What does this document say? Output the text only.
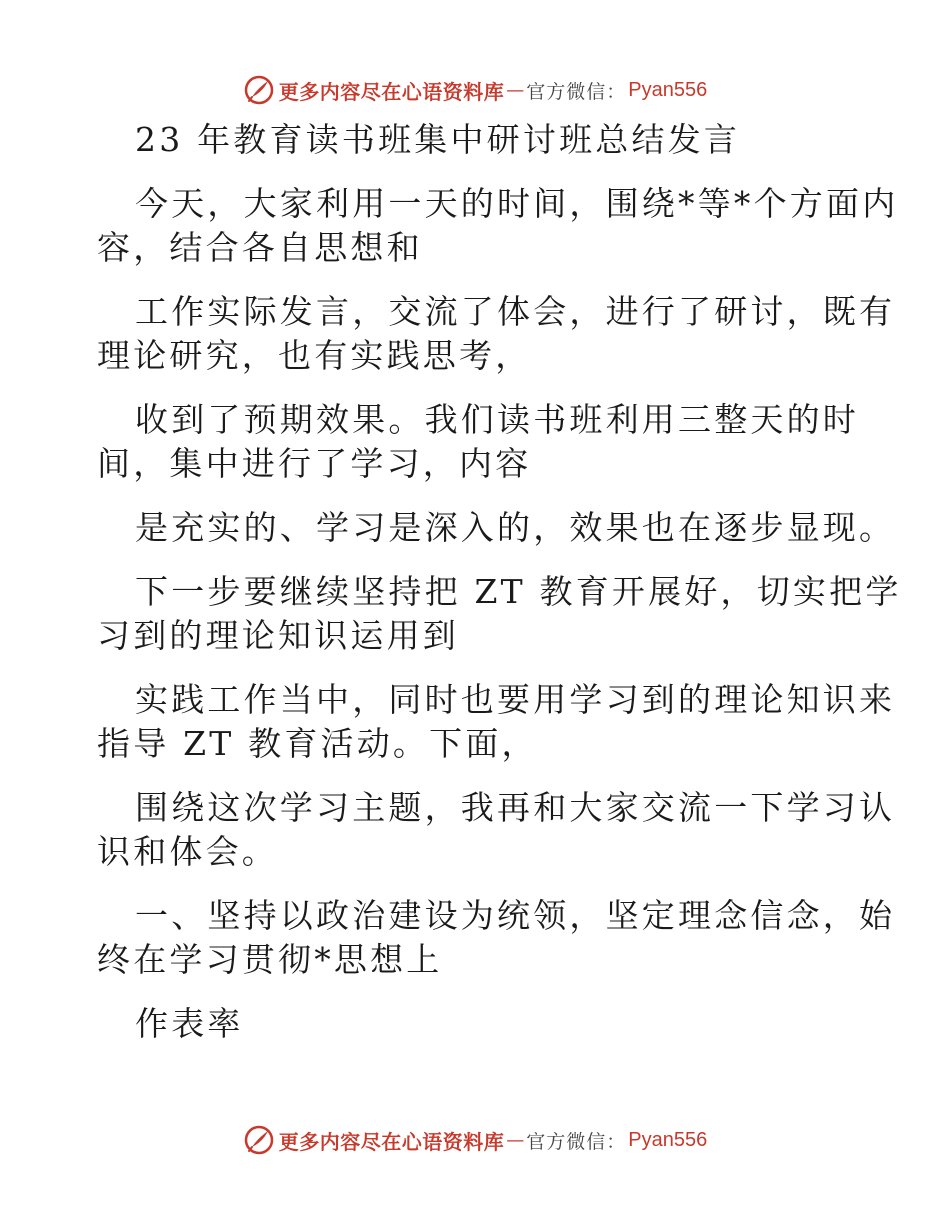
更多内容尽在心语资料库 — 官方微信： Pyan556
23 年教育读书班集中研讨班总结发言
今天，大家利用一天的时间，围绕*等*个方面内
容，结合各自思想和
工作实际发言，交流了体会，进行了研讨，既有
理论研究，也有实践思考，
收到了预期效果。我们读书班利用三整天的时
间，集中进行了学习，内容
是充实的、学习是深入的，效果也在逐步显现。
下一步要继续坚持把 ZT 教育开展好，切实把学
习到的理论知识运用到
实践工作当中，同时也要用学习到的理论知识来
指导 ZT 教育活动。下面，
围绕这次学习主题，我再和大家交流一下学习认
识和体会。
一、坚持以政治建设为统领，坚定理念信念，始
终在学习贯彻*思想上
作表率
更多内容尽在心语资料库 — 官方微信： Pyan556
